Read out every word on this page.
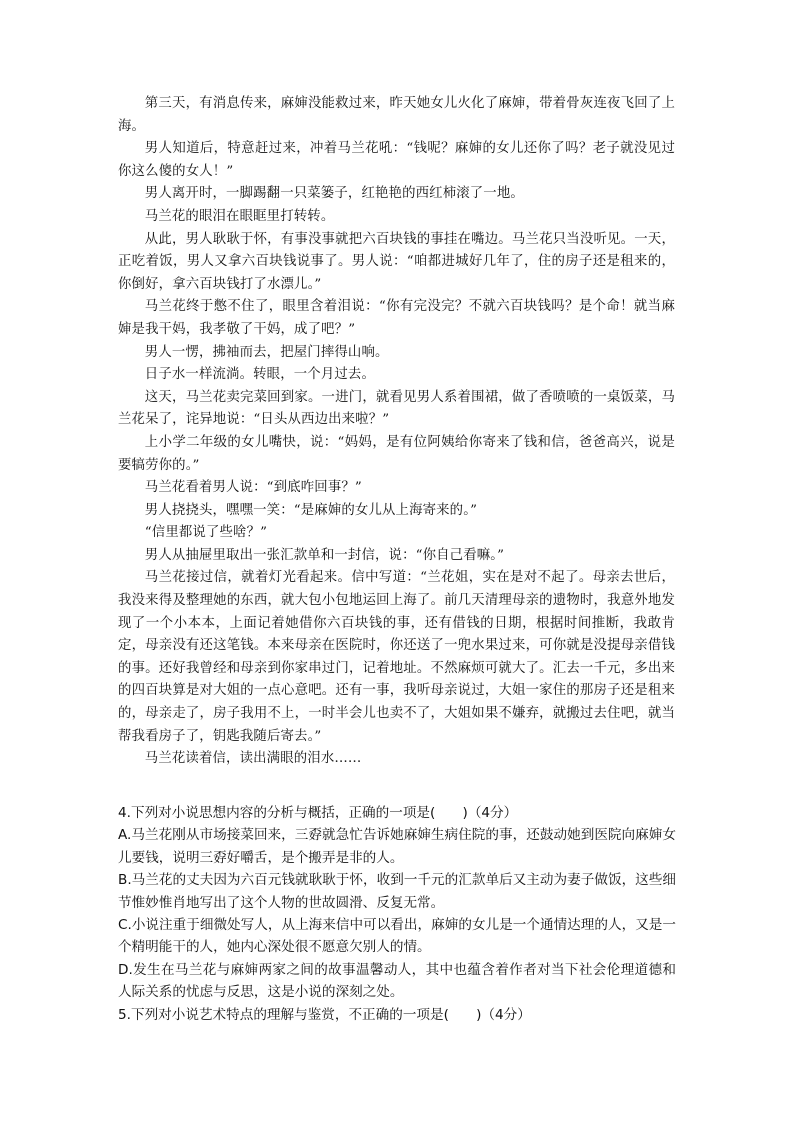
第三天，有消息传来，麻婶没能救过来，昨天她女儿火化了麻婶，带着骨灰连夜飞回了上海。

男人知道后，特意赶过来，冲着马兰花吼：“钱呢？麻婶的女儿还你了吗？老子就没见过你这么傻的女人！”

男人离开时，一脚踢翻一只菜篓子，红艳艳的西红柿滚了一地。

马兰花的眼泪在眼眶里打转转。

从此，男人耿耿于怀，有事没事就把六百块钱的事挂在嘴边。马兰花只当没听见。一天，正吃着饭，男人又拿六百块钱说事了。男人说：“咱都进城好几年了，住的房子还是租来的，你倒好，拿六百块钱打了水漂儿。”

马兰花终于憋不住了，眼里含着泪说：“你有完没完？不就六百块钱吗？是个命！就当麻婶是我干妈，我孝敬了干妈，成了吧？”

男人一愣，拂袖而去，把屋门摔得山响。

日子水一样流淌。转眼，一个月过去。

这天，马兰花卖完菜回到家。一进门，就看见男人系着围裙，做了香喷喷的一桌饭菜，马兰花呆了，诧异地说：“日头从西边出来啦？”

上小学二年级的女儿嘴快，说：“妈妈，是有位阿姨给你寄来了钱和信，爸爸高兴，说是要犒劳你的。”

马兰花看着男人说：“到底咋回事？”

男人挠挠头，嘿嘿一笑：“是麻婶的女儿从上海寄来的。”

“信里都说了些啥？”

男人从抽屉里取出一张汇款单和一封信，说：“你自己看嘛。”

马兰花接过信，就着灯光看起来。信中写道：“兰花姐，实在是对不起了。母亲去世后，我没来得及整理她的东西，就大包小包地运回上海了。前几天清理母亲的遗物时，我意外地发现了一个小本本，上面记着她借你六百块钱的事，还有借钱的日期，根据时间推断，我敢肯定，母亲没有还这笔钱。本来母亲在医院时，你还送了一兜水果过来，可你就是没提母亲借钱的事。还好我曾经和母亲到你家串过门，记着地址。不然麻烦可就大了。汇去一千元，多出来的四百块算是对大姐的一点心意吧。还有一事，我听母亲说过，大姐一家住的那房子还是租来的，母亲走了，房子我用不上，一时半会儿也卖不了，大姐如果不嫌弃，就搬过去住吧，就当帮我看房子了，钥匙我随后寄去。”

马兰花读着信，读出满眼的泪水……

4.下列对小说思想内容的分析与概括，正确的一项是(　　)（4分）

A.马兰花刚从市场接菜回来，三孬就急忙告诉她麻婶生病住院的事，还鼓动她到医院向麻婶女儿要钱，说明三孬好嚼舌，是个搬弄是非的人。

B.马兰花的丈夫因为六百元钱就耿耿于怀，收到一千元的汇款单后又主动为妻子做饭，这些细节惟妙惟肖地写出了这个人物的世故圆滑、反复无常。

C.小说注重于细微处写人，从上海来信中可以看出，麻婶的女儿是一个通情达理的人，又是一个精明能干的人，她内心深处很不愿意欠别人的情。

D.发生在马兰花与麻婶两家之间的故事温馨动人，其中也蕴含着作者对当下社会伦理道德和人际关系的忧虑与反思，这是小说的深刻之处。

5.下列对小说艺术特点的理解与鉴赏，不正确的一项是(　　)（4分）
